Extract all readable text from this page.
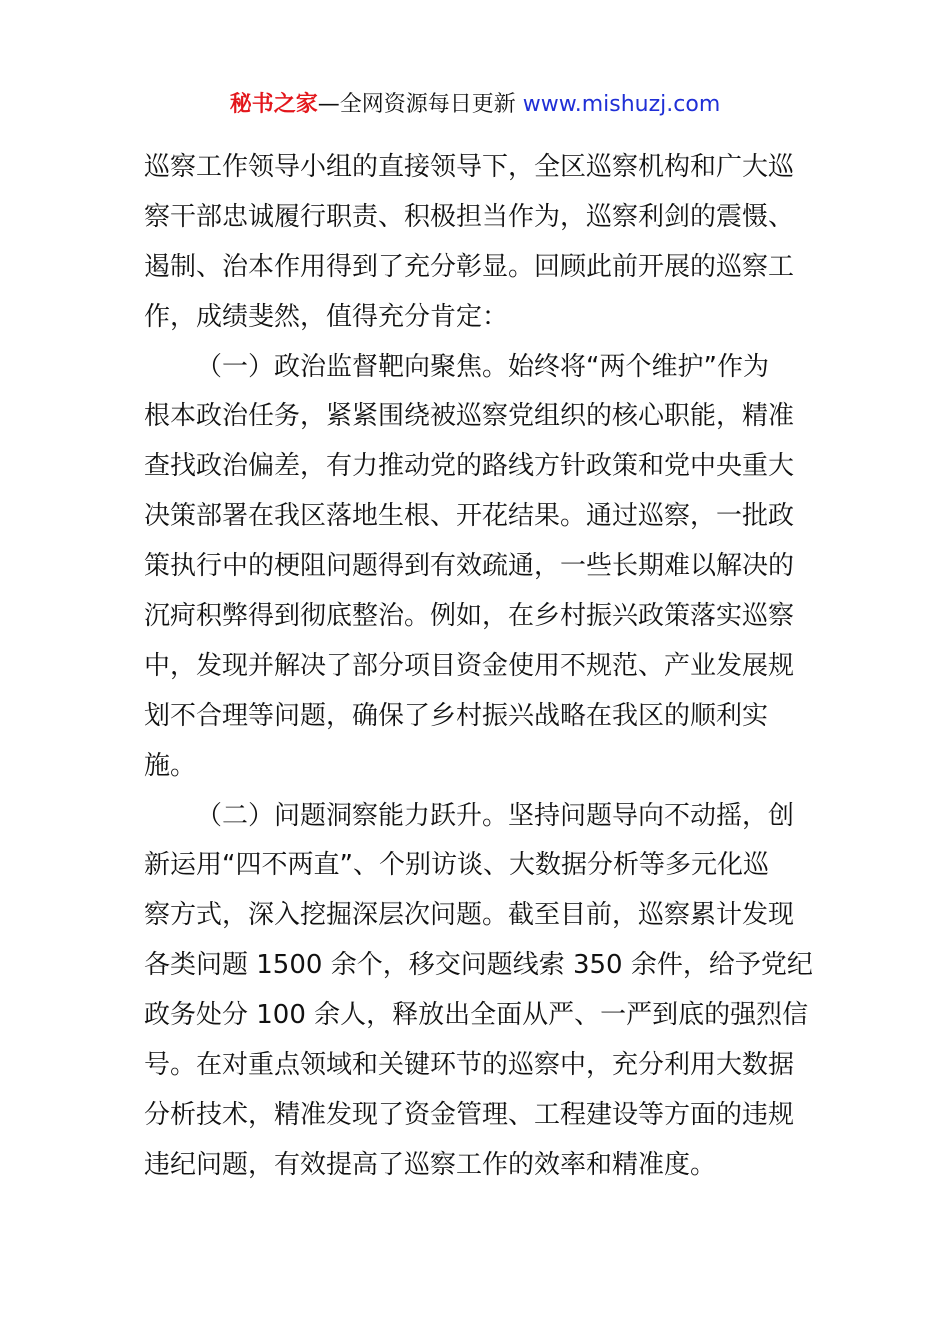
秘书之家—全网资源每日更新 www.mishuzj.com
巡察工作领导小组的直接领导下，全区巡察机构和广大巡
察干部忠诚履行职责、积极担当作为，巡察利剑的震慑、
遏制、治本作用得到了充分彰显。回顾此前开展的巡察工
作，成绩斐然，值得充分肯定：
（一）政治监督靶向聚焦。始终将“两个维护”作为
根本政治任务，紧紧围绕被巡察党组织的核心职能，精准
查找政治偏差，有力推动党的路线方针政策和党中央重大
决策部署在我区落地生根、开花结果。通过巡察，一批政
策执行中的梗阻问题得到有效疏通，一些长期难以解决的
沉疴积弊得到彻底整治。例如，在乡村振兴政策落实巡察
中，发现并解决了部分项目资金使用不规范、产业发展规
划不合理等问题，确保了乡村振兴战略在我区的顺利实
施。
（二）问题洞察能力跃升。坚持问题导向不动摇，创
新运用“四不两直”、个别访谈、大数据分析等多元化巡
察方式，深入挖掘深层次问题。截至目前，巡察累计发现
各类问题 1500 余个，移交问题线索 350 余件，给予党纪
政务处分 100 余人，释放出全面从严、一严到底的强烈信
号。在对重点领域和关键环节的巡察中，充分利用大数据
分析技术，精准发现了资金管理、工程建设等方面的违规
违纪问题，有效提高了巡察工作的效率和精准度。
